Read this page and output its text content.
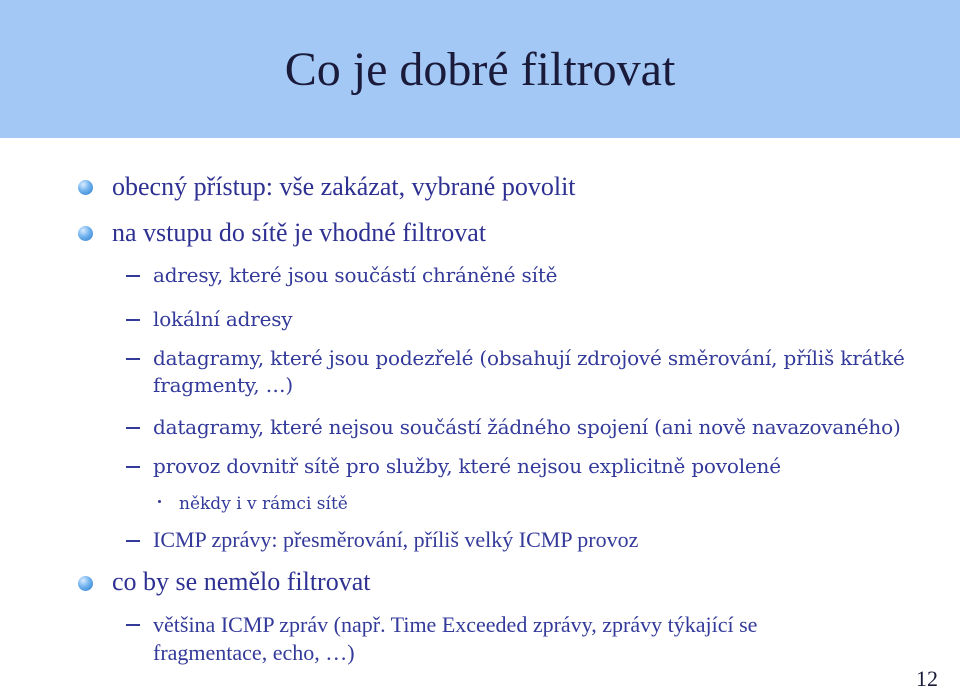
Co je dobré filtrovat
obecný přístup: vše zakázat, vybrané povolit
na vstupu do sítě je vhodné filtrovat
adresy, které jsou součástí chráněné sítě
lokální adresy
datagramy, které jsou podezřelé (obsahují zdrojové směrování, příliš krátké
fragmenty, …)
datagramy, které nejsou součástí žádného spojení (ani nově navazovaného)
provoz dovnitř sítě pro služby, které nejsou explicitně povolené
někdy i v rámci sítě
ICMP zprávy: přesměrování, příliš velký ICMP provoz
co by se nemělo filtrovat
většina ICMP zpráv (např. Time Exceeded zprávy, zprávy týkající se
fragmentace, echo, …)
12
